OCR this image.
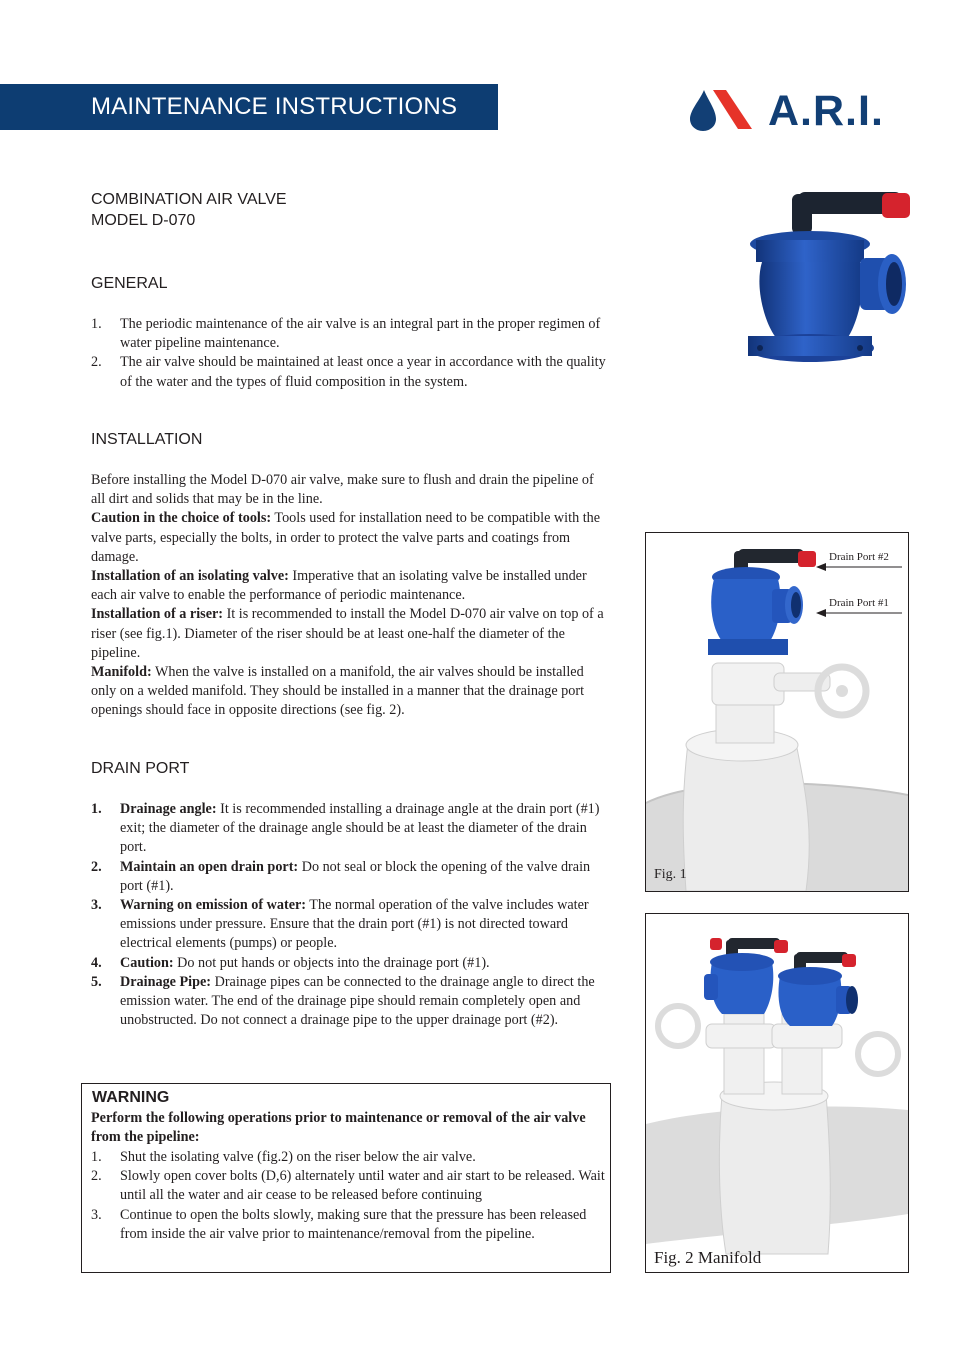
MAINTENANCE INSTRUCTIONS	A.R.I.
COMBINATION AIR VALVE
MODEL D-070
GENERAL
1. The periodic maintenance of the air valve is an integral part in the proper regimen of water pipeline maintenance.
2. The air valve should be maintained at least once a year in accordance with the quality of the water and the types of fluid composition in the system.
INSTALLATION
Before installing the Model D-070 air valve, make sure to flush and drain the pipeline of all dirt and solids that may be in the line.
Caution in the choice of tools: Tools used for installation need to be compatible with the valve parts, especially the bolts, in order to protect the valve parts and coatings from damage.
Installation of an isolating valve: Imperative that an isolating valve be installed under each air valve to enable the performance of periodic maintenance.
Installation of a riser: It is recommended to install the Model D-070 air valve on top of a riser (see fig.1). Diameter of the riser should be at least one-half the diameter of the pipeline.
Manifold: When the valve is installed on a manifold, the air valves should be installed only on a welded manifold. They should be installed in a manner that the drainage port openings should face in opposite directions (see fig. 2).
DRAIN PORT
1. Drainage angle: It is recommended installing a drainage angle at the drain port (#1) exit; the diameter of the drainage angle should be at least the diameter of the drain port.
2. Maintain an open drain port: Do not seal or block the opening of the valve drain port (#1).
3. Warning on emission of water: The normal operation of the valve includes water emissions under pressure. Ensure that the drain port (#1) is not directed toward electrical elements (pumps) or people.
4. Caution: Do not put hands or objects into the drainage port (#1).
5. Drainage Pipe: Drainage pipes can be connected to the drainage angle to direct the emission water. The end of the drainage pipe should remain completely open and unobstructed. Do not connect a drainage pipe to the upper drainage port (#2).
WARNING
Perform the following operations prior to maintenance or removal of the air valve from the pipeline:
1. Shut the isolating valve (fig.2) on the riser below the air valve.
2. Slowly open cover bolts (D,6) alternately until water and air start to be released. Wait until all the water and air cease to be released before continuing
3. Continue to open the bolts slowly, making sure that the pressure has been released from inside the air valve prior to maintenance/removal from the pipeline.
Drain Port #2
Drain Port #1
Fig. 1
Fig. 2 Manifold
